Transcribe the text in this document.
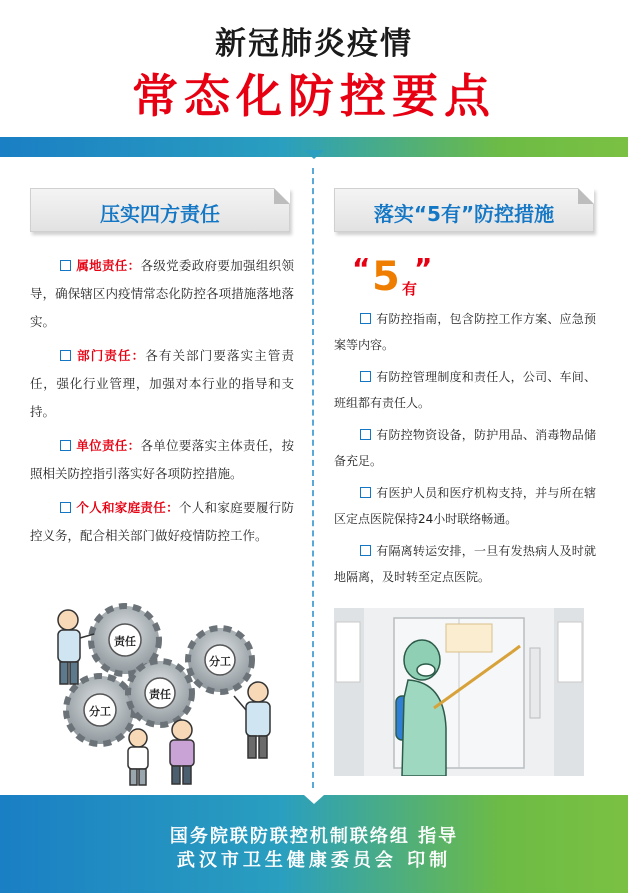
新冠肺炎疫情
常态化防控要点
压实四方责任	落实“5有”防控措施

属地责任：各级党委政府要加强组织领导，确保辖区内疫情常态化防控各项措施落地落实。

部门责任：各有关部门要落实主管责任，强化行业管理，加强对本行业的指导和支持。

单位责任：各单位要落实主体责任，按照相关防控指引落实好各项防控措施。

个人和家庭责任：个人和家庭要履行防控义务，配合相关部门做好疫情防控工作。

“ 5 有
”

有防控指南，包含防控工作方案、应急预案等内容。

有防控管理制度和责任人，公司、车间、班组都有责任人。

有防控物资设备，防护用品、消毒物品储备充足。

有医护人员和医疗机构支持，并与所在辖区定点医院保持24小时联络畅通。

有隔离转运安排，一旦有发热病人及时就地隔离，及时转至定点医院。

责任
分工
分工
责任
国务院联防联控机制联络组 指导
武汉市卫生健康委员会 印制
